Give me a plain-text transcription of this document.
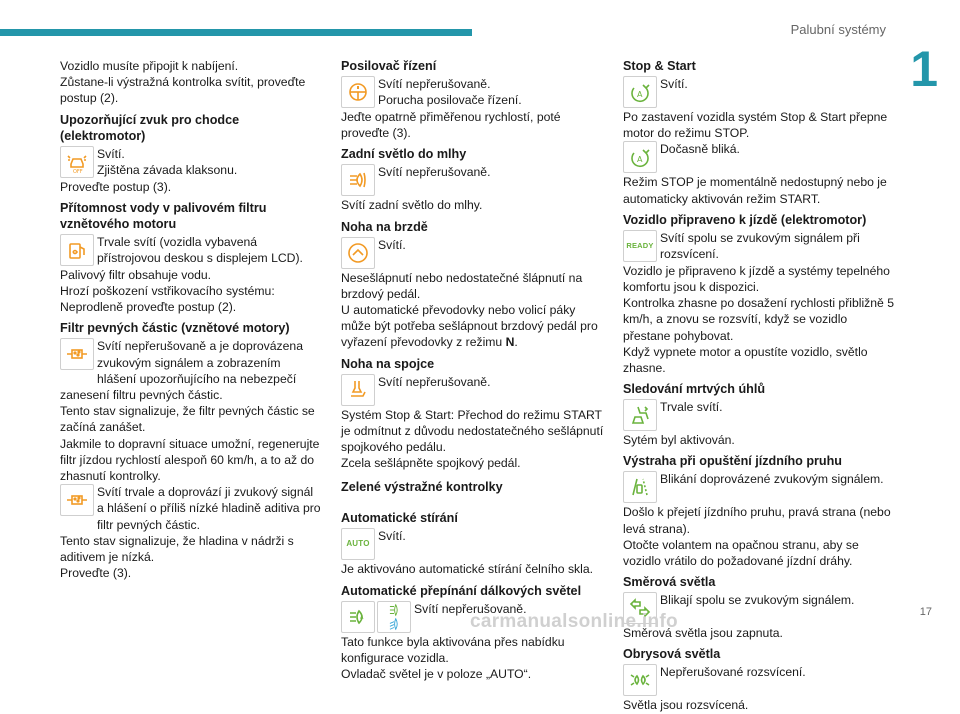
Palubní systémy
1

Vozidlo musíte připojit k nabíjení.

Zůstane-li výstražná kontrolka svítit, proveďte postup (2).

Upozorňující zvuk pro chodce (elektromotor)
OFF

Svítí.

Zjištěna závada klaksonu.

Proveďte postup (3).

Přítomnost vody v palivovém filtru vznětového motoru

Trvale svítí (vozidla vybavená přístrojovou deskou s displejem LCD).

Palivový filtr obsahuje vodu.

Hrozí poškození vstřikovacího systému:

Neprodleně proveďte postup (2).

Filtr pevných částic (vznětové motory)

Svítí nepřerušovaně a je doprovázena zvukovým signálem a zobrazením hlášení upozorňujícího na nebezpečí zanesení filtru pevných částic.

Tento stav signalizuje, že filtr pevných částic se začíná zanášet.

Jakmile to dopravní situace umožní, regenerujte filtr jízdou rychlostí alespoň 60 km/h, a to až do zhasnutí kontrolky.

Svítí trvale a doprovází ji zvukový signál a hlášení o příliš nízké hladině aditiva pro filtr pevných částic.

Tento stav signalizuje, že hladina v nádrži s aditivem je nízká.

Proveďte (3).

Posilovač řízení

Svítí nepřerušovaně.

Porucha posilovače řízení.

Jeďte opatrně přiměřenou rychlostí, poté proveďte (3).

Zadní světlo do mlhy

Svítí nepřerušovaně.

Svítí zadní světlo do mlhy.

Noha na brzdě

Svítí.

Nesešlápnutí nebo nedostatečné šlápnutí na brzdový pedál.

U automatické převodovky nebo volicí páky může být potřeba sešlápnout brzdový pedál pro vyřazení převodovky z režimu N.

Noha na spojce

Svítí nepřerušovaně.

Systém Stop & Start: Přechod do režimu START je odmítnut z důvodu nedostatečného sešlápnutí spojkového pedálu.

Zcela sešlápněte spojkový pedál.

Zelené výstražné kontrolky
Automatické stírání
AUTO

Svítí.

Je aktivováno automatické stírání čelního skla.

Automatické přepínání dálkových světel
A

Svítí nepřerušovaně.

Tato funkce byla aktivována přes nabídku konfigurace vozidla.

Ovladač světel je v poloze „AUTO“.

Stop & Start
A

Svítí.

Po zastavení vozidla systém Stop & Start přepne motor do režimu STOP.

A

Dočasně bliká.

Režim STOP je momentálně nedostupný nebo je automaticky aktivován režim START.

Vozidlo připraveno k jízdě (elektromotor)
READY

Svítí spolu se zvukovým signálem při rozsvícení.

Vozidlo je připraveno k jízdě a systémy tepelného komfortu jsou k dispozici.

Kontrolka zhasne po dosažení rychlosti přibližně 5 km/h, a znovu se rozsvítí, když se vozidlo přestane pohybovat.

Když vypnete motor a opustíte vozidlo, světlo zhasne.

Sledování mrtvých úhlů

Trvale svítí.

Sytém byl aktivován.

Výstraha při opuštění jízdního pruhu

Blikání doprovázené zvukovým signálem.

Došlo k přejetí jízdního pruhu, pravá strana (nebo levá strana).

Otočte volantem na opačnou stranu, aby se vozidlo vrátilo do požadované jízdní dráhy.

Směrová světla

Blikají spolu se zvukovým signálem.

Směrová světla jsou zapnuta.

Obrysová světla

Nepřerušované rozsvícení.

Světla jsou rozsvícená.

17
carmanualsonline.info
